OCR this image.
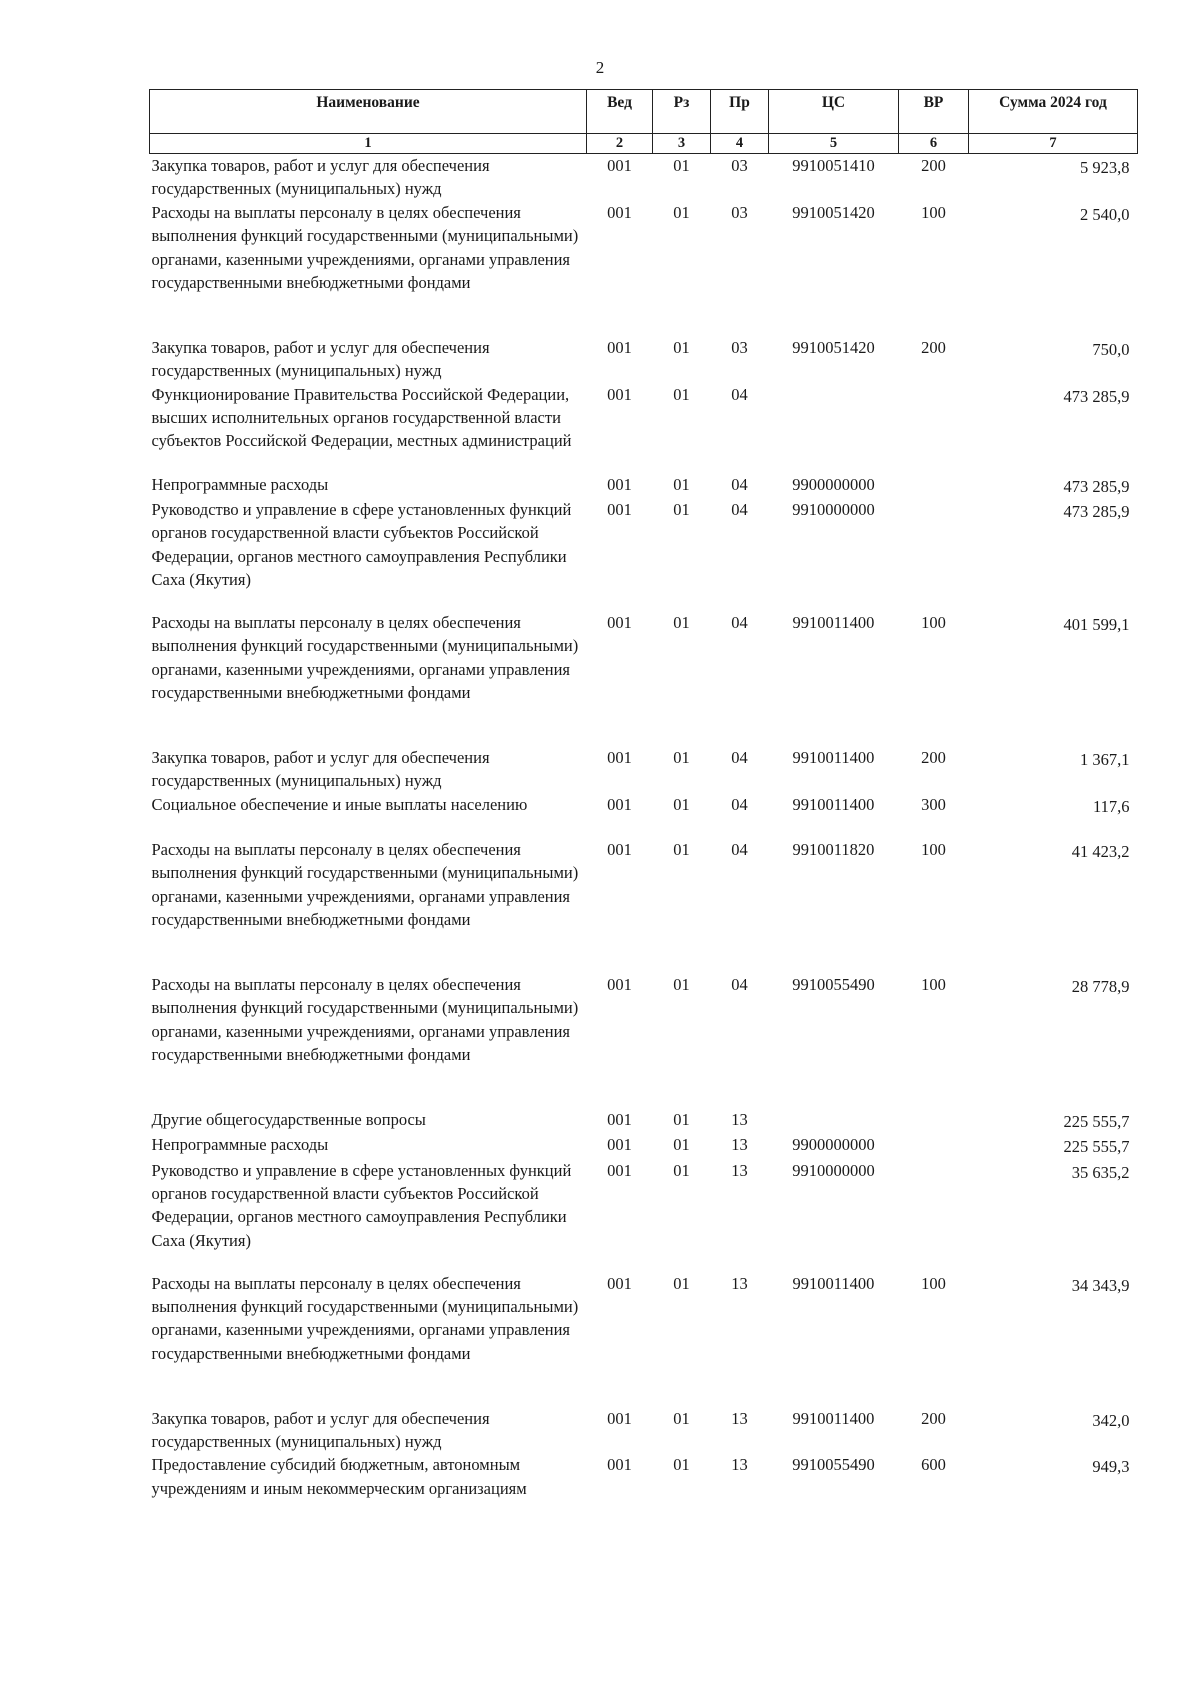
2
Наименование	Вед	Рз	Пр	ЦС	ВР	Сумма 2024 год
1	2	3	4	5	6	7
Закупка товаров, работ и услуг для обеспечения государственных (муниципальных) нужд	001	01	03	9910051410	200	5 923,8
Расходы на выплаты персоналу в целях обеспечения выполнения функций государственными (муниципальными) органами, казенными учреждениями, органами управления государственными внебюджетными фондами	001	01	03	9910051420	100	2 540,0
Закупка товаров, работ и услуг для обеспечения государственных (муниципальных) нужд	001	01	03	9910051420	200	750,0
Функционирование Правительства Российской Федерации, высших исполнительных органов государственной власти субъектов Российской Федерации, местных администраций	001	01	04			473 285,9
Непрограммные расходы	001	01	04	9900000000		473 285,9
Руководство и управление в сфере установленных функций органов государственной власти субъектов Российской Федерации, органов местного самоуправления Республики Саха (Якутия)	001	01	04	9910000000		473 285,9
Расходы на выплаты персоналу в целях обеспечения выполнения функций государственными (муниципальными) органами, казенными учреждениями, органами управления государственными внебюджетными фондами	001	01	04	9910011400	100	401 599,1
Закупка товаров, работ и услуг для обеспечения государственных (муниципальных) нужд	001	01	04	9910011400	200	1 367,1
Социальное обеспечение и иные выплаты населению	001	01	04	9910011400	300	117,6
Расходы на выплаты персоналу в целях обеспечения выполнения функций государственными (муниципальными) органами, казенными учреждениями, органами управления государственными внебюджетными фондами	001	01	04	9910011820	100	41 423,2
Расходы на выплаты персоналу в целях обеспечения выполнения функций государственными (муниципальными) органами, казенными учреждениями, органами управления государственными внебюджетными фондами	001	01	04	9910055490	100	28 778,9
Другие общегосударственные вопросы	001	01	13			225 555,7
Непрограммные расходы	001	01	13	9900000000		225 555,7
Руководство и управление в сфере установленных функций органов государственной власти субъектов Российской Федерации, органов местного самоуправления Республики Саха (Якутия)	001	01	13	9910000000		35 635,2
Расходы на выплаты персоналу в целях обеспечения выполнения функций государственными (муниципальными) органами, казенными учреждениями, органами управления государственными внебюджетными фондами	001	01	13	9910011400	100	34 343,9
Закупка товаров, работ и услуг для обеспечения государственных (муниципальных) нужд	001	01	13	9910011400	200	342,0
Предоставление субсидий бюджетным, автономным учреждениям и иным некоммерческим организациям	001	01	13	9910055490	600	949,3
